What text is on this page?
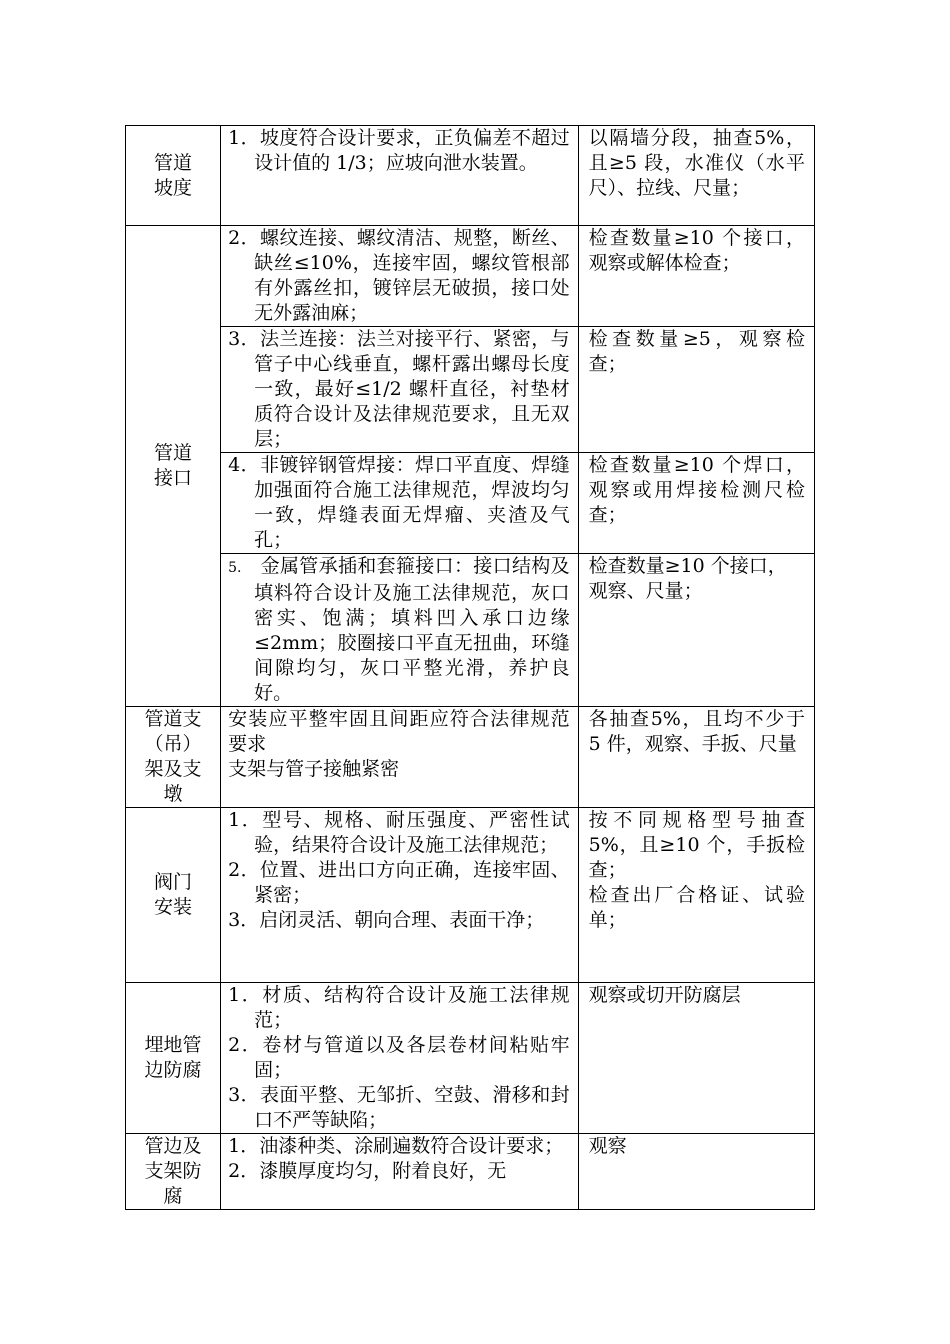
管道
坡度	1．坡度符合设计要求，正负偏差不超过设计值的 1/3；应坡向泄水装置。	以隔墙分段，抽查5%，且≥5 段，水准仪（水平尺）、拉线、尺量；

管道
接口	2．螺纹连接、螺纹清洁、规整，断丝、缺丝≤10%，连接牢固，螺纹管根部有外露丝扣，镀锌层无破损，接口处无外露油麻；	检查数量≥10 个接口，观察或解体检查；

	3．法兰连接：法兰对接平行、紧密，与管子中心线垂直，螺杆露出螺母长度一致，最好≤1/2 螺杆直径，衬垫材质符合设计及法律规范要求，且无双层；	检查数量≥5，观察检查；

	4．非镀锌钢管焊接：焊口平直度、焊缝加强面符合施工法律规范，焊波均匀一致，焊缝表面无焊瘤、夹渣及气孔；	检查数量≥10 个焊口，观察或用焊接检测尺检查；

	5. 金属管承插和套箍接口：接口结构及填料符合设计及施工法律规范，灰口密实、饱满；填料凹入承口边缘≤2mm；胶圈接口平直无扭曲，环缝间隙均匀，灰口平整光滑，养护良好。	检查数量≥10 个接口，
观察、尺量；

管道支
（吊）
架及支
墩	安装应平整牢固且间距应符合法律规范要求
支架与管子接触紧密	各抽查5%，且均不少于 5 件，观察、手扳、尺量

阀门
安装	1．型号、规格、耐压强度、严密性试验，结果符合设计及施工法律规范；
2．位置、进出口方向正确，连接牢固、紧密；
3．启闭灵活、朝向合理、表面干净；	按不同规格型号抽查5%，且≥10 个，手扳检查；
检查出厂合格证、试验单；

埋地管
边防腐	1．材质、结构符合设计及施工法律规范；
2．卷材与管道以及各层卷材间粘贴牢固；
3．表面平整、无邹折、空鼓、滑移和封口不严等缺陷；	观察或切开防腐层

管边及
支架防
腐	1．油漆种类、涂刷遍数符合设计要求；
2．漆膜厚度均匀，附着良好，无	观察
